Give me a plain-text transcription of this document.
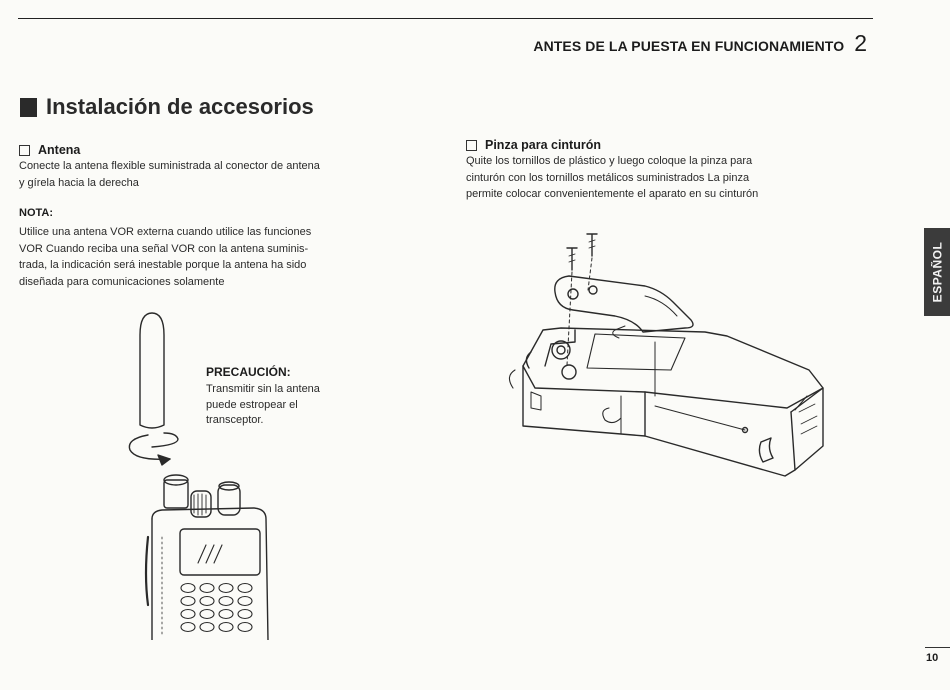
ANTES DE LA PUESTA EN FUNCIONAMIENTO 2
Instalación de accesorios
Antena
Conecte la antena flexible suministrada al conector de antena
y gírela hacia la derecha
NOTA:
Utilice una antena VOR externa cuando utilice las funciones
VOR Cuando reciba una señal VOR con la antena suminis-
trada, la indicación será inestable porque la antena ha sido
diseñada para comunicaciones solamente
Pinza para cinturón
Quite los tornillos de plástico y luego coloque la pinza para
cinturón con los tornillos metálicos suministrados La pinza
permite colocar convenientemente el aparato en su cinturón
PRECAUCIÓN:
Transmitir sin la antena
puede estropear el
transceptor.
ESPAÑOL
10
